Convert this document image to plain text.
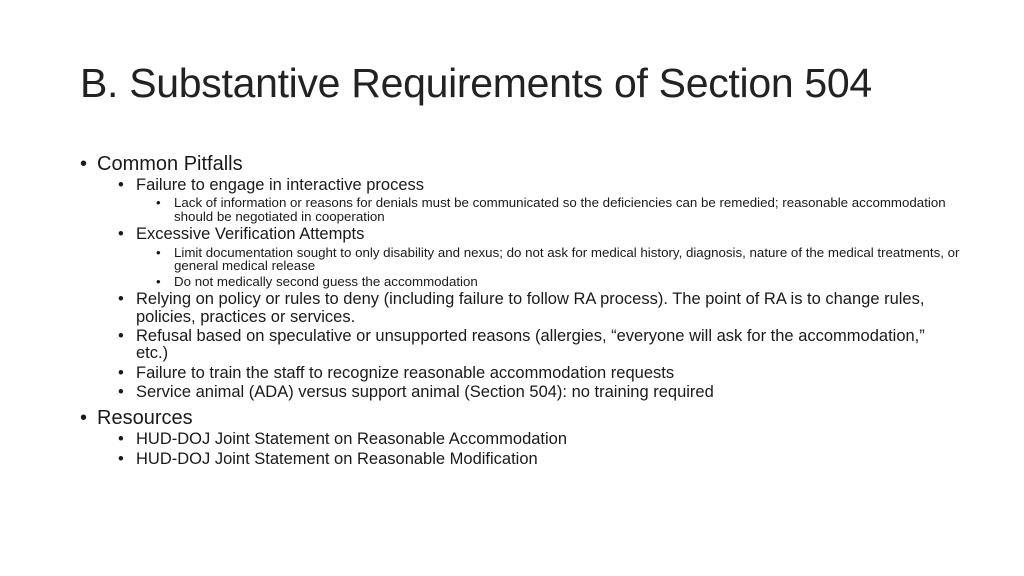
B. Substantive Requirements of Section 504
• Common Pitfalls
• Failure to engage in interactive process
• Lack of information or reasons for denials must be communicated so the deficiencies can be remedied; reasonable accommodation should be negotiated in cooperation
• Excessive Verification Attempts
• Limit documentation sought to only disability and nexus; do not ask for medical history, diagnosis, nature of the medical treatments, or general medical release
• Do not medically second guess the accommodation
• Relying on policy or rules to deny (including failure to follow RA process). The point of RA is to change rules, policies, practices or services.
• Refusal based on speculative or unsupported reasons (allergies, “everyone will ask for the accommodation,” etc.)
• Failure to train the staff to recognize reasonable accommodation requests
• Service animal (ADA) versus support animal (Section 504): no training required
• Resources
• HUD-DOJ Joint Statement on Reasonable Accommodation
• HUD-DOJ Joint Statement on Reasonable Modification
